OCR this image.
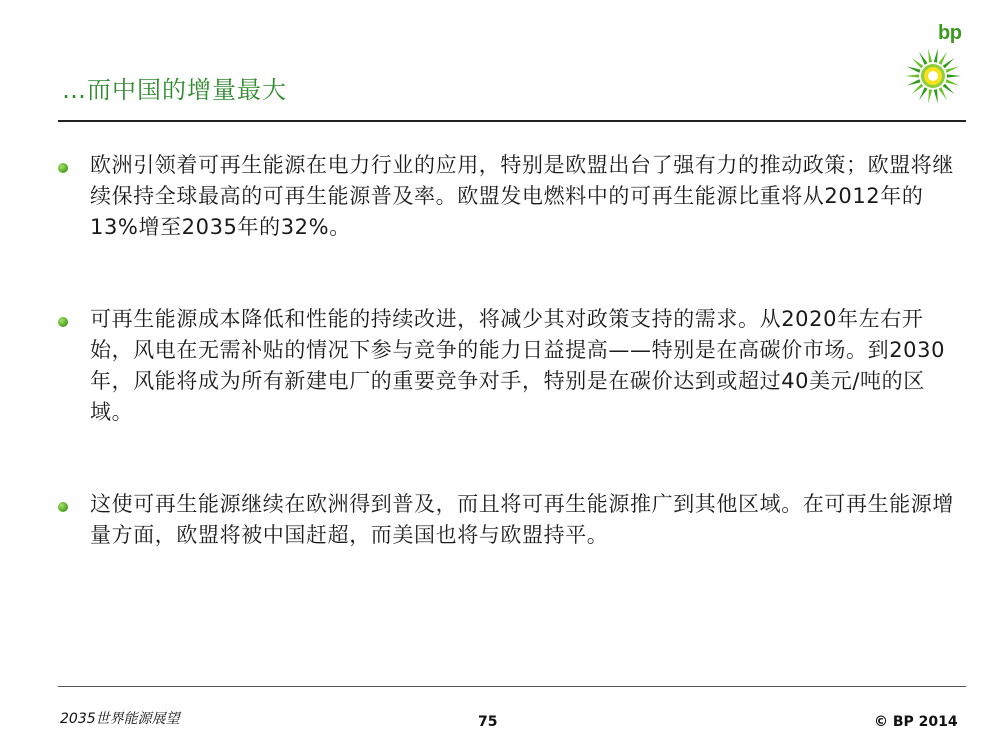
…而中国的增量最大
bp
欧洲引领着可再生能源在电力行业的应用，特别是欧盟出台了强有力的推动政策；欧盟将继续保持全球最高的可再生能源普及率。欧盟发电燃料中的可再生能源比重将从2012年的13%增至2035年的32%。
可再生能源成本降低和性能的持续改进，将减少其对政策支持的需求。从2020年左右开始，风电在无需补贴的情况下参与竞争的能力日益提高——特别是在高碳价市场。到2030年，风能将成为所有新建电厂的重要竞争对手，特别是在碳价达到或超过40美元/吨的区域。
这使可再生能源继续在欧洲得到普及，而且将可再生能源推广到其他区域。在可再生能源增量方面，欧盟将被中国赶超，而美国也将与欧盟持平。
2035世界能源展望	75	© BP 2014
